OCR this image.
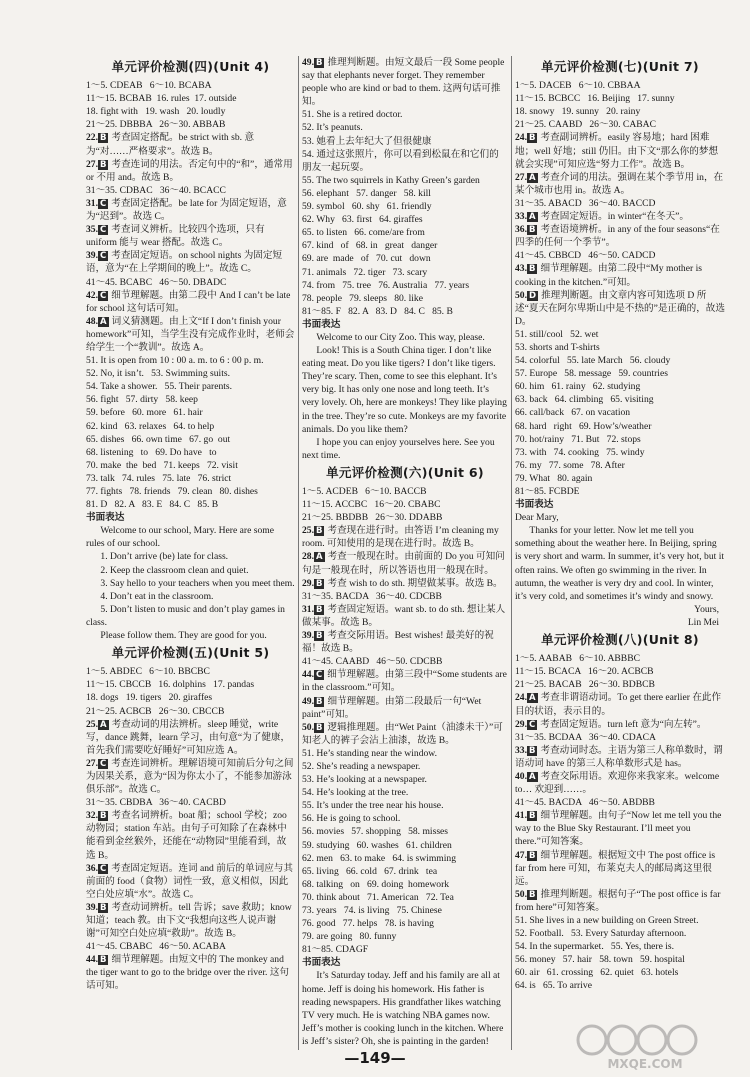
单元评价检测(四)(Unit 4)
1～5. CDEAB   6～10. BCABA
11～15. BCBAB  16. rules  17. outside
18. fight with   19. wash   20. loudly
21～25. DBBBA   26～30. ABBAB
22. B 考查固定搭配。be strict with sb. 意为“对……严格要求”。故选 B。
27. B 考查连词的用法。否定句中的“和”，通常用 or 不用 and。故选 B。
31～35. CDBAC   36～40. BCACC
31. C 考查固定搭配。be late for 为固定短语，意为“迟到”。故选 C。
35. C 考查词义辨析。比较四个选项，只有 uniform 能与 wear 搭配。故选 C。
39. C 考查固定短语。on school nights 为固定短语，意为“在上学期间的晚上”。故选 C。
41～45. BCABC   46～50. DBADC
42. C 细节理解题。由第二段中 And I can’t be late for school 这句话可知。
48. A 词义猜测题。由上文“If I don’t finish your homework”可知，当学生没有完成作业时，老师会给学生一个“教训”。故选 A。
51. It is open from 10 : 00 a. m. to 6 : 00 p. m.
52. No, it isn’t.   53. Swimming suits.
54. Take a shower.   55. Their parents.
56. fight   57. dirty   58. keep
59. before   60. more   61. hair
62. kind   63. relaxes   64. to help
65. dishes   66. own time   67. go  out
68. listening   to   69. Do have   to
70. make  the  bed   71. keeps   72. visit
73. talk   74. rules   75. late   76. strict
77. fights   78. friends   79. clean   80. dishes
81. D   82. A   83. E   84. C   85. B
书面表达
Welcome to our school, Mary. Here are some rules of our school.
1. Don’t arrive (be) late for class.
2. Keep the classroom clean and quiet.
3. Say hello to your teachers when you meet them.
4. Don’t eat in the classroom.
5. Don’t listen to music and don’t play games in class.
Please follow them. They are good for you.
单元评价检测(五)(Unit 5)
1～5. ABDEC   6～10. BBCBC
11～15. CBCCB   16. dolphins   17. pandas
18. dogs   19. tigers   20. giraffes
21～25. ACBCB   26～30. CBCCB
25. A 考查动词的用法辨析。sleep 睡觉，write 写，dance 跳舞，learn 学习，由句意“为了健康，首先我们需要吃好睡好”可知应选 A。
27. C 考查连词辨析。理解语境可知前后分句之间为因果关系，意为“因为你太小了，不能参加游泳俱乐部”。故选 C。
31～35. CBDBA   36～40. CACBD
32. B 考查名词辨析。boat 船；school 学校；zoo 动物园；station 车站。由句子可知除了在森林中能看到金丝猴外，还能在“动物园”里能看到，故选 B。
36. C 考查固定短语。连词 and 前后的单词应与其前面的 food（食物）词性一致，意义相似，因此空白处应填“水”。故选 C。
39. B 考查动词辨析。tell 告诉；save 救助；know 知道；teach 教。由下文“我想向这些人说声谢谢”可知空白处应填“救助”。故选 B。
41～45. CBABC   46～50. ACABA
44. B 细节理解题。由短文中的 The monkey and the tiger want to go to the bridge over the river. 这句话可知。
49. B 推理判断题。由短文最后一段 Some people say that elephants never forget. They remember people who are kind or bad to them. 这两句话可推知。
51. She is a retired doctor.
52. It’s peanuts.
53. 她看上去年纪大了但很健康
54. 通过这张照片，你可以看到松鼠在和它们的朋友一起玩耍。
55. The two squirrels in Kathy Green’s garden
56. elephant   57. danger   58. kill
59. symbol   60. shy   61. friendly
62. Why   63. first   64. giraffes
65. to listen   66. come/are from
67. kind   of   68. in   great   danger
69. are  made   of   70. cut   down
71. animals   72. tiger   73. scary
74. from   75. tree   76. Australia   77. years
78. people   79. sleeps   80. like
81～85. F   82. A   83. D   84. C   85. B
书面表达
Welcome to our City Zoo. This way, please.
Look! This is a South China tiger. I don’t like eating meat. Do you like tigers? I don’t like tigers. They’re scary. Then, come to see this elephant. It’s very big. It has only one nose and long teeth. It’s very lovely. Oh, here are monkeys! They like playing in the tree. They’re so cute. Monkeys are my favorite animals. Do you like them?
I hope you can enjoy yourselves here. See you next time.
单元评价检测(六)(Unit 6)
1～5. ACDEB   6～10. BACCB
11～15. ACCBC   16～20. CBABC
21～25. BBDBB   26～30. DDABB
25. B 考查现在进行时。由答语 I’m cleaning my room. 可知使用的是现在进行时。故选 B。
28. A 考查一般现在时。由前面的 Do you 可知问句是一般现在时，所以答语也用一般现在时。
29. B 考查 wish to do sth. 期望做某事。故选 B。
31～35. BACDA   36～40. CDCBB
31. B 考查固定短语。want sb. to do sth. 想让某人做某事。故选 B。
39. B 考查交际用语。Best wishes! 最美好的祝福！故选 B。
41～45. CAABD   46～50. CDCBB
44. C 细节理解题。由第三段中“Some students are in the classroom.”可知。
49. B 细节理解题。由第二段最后一句“Wet paint”可知。
50. B 逻辑推理题。由“Wet Paint（油漆未干）”可知老人的裤子会沾上油漆，故选 B。
51. He’s standing near the window.
52. She’s reading a newspaper.
53. He’s looking at a newspaper.
54. He’s looking at the tree.
55. It’s under the tree near his house.
56. He is going to school.
56. movies   57. shopping   58. misses
59. studying   60. washes   61. children
62. men   63. to make   64. is swimming
65. living   66. cold   67. drink   tea
68. talking   on   69. doing  homework
70. think about   71. American   72. Tea
73. years   74. is living   75. Chinese
76. good   77. helps   78. is having
79. are going   80. funny
81～85. CDAGF
书面表达
It’s Saturday today. Jeff and his family are all at home. Jeff is doing his homework. His father is reading newspapers. His grandfather likes watching TV very much. He is watching NBA games now. Jeff’s mother is cooking lunch in the kitchen. Where is Jeff’s sister? Oh, she is painting in the garden!
单元评价检测(七)(Unit 7)
1～5. DACEB   6～10. CBBAA
11～15. BCBCC   16. Beijing   17. sunny
18. snowy   19. sunny   20. rainy
21～25. CAABD   26～30. CABAC
24. B 考查副词辨析。easily 容易地；hard 困难地；well 好地；still 仍旧。由下文“那么你的梦想就会实现”可知应选“努力工作”。故选 B。
27. A 考查介词的用法。强调在某个季节用 in，在某个城市也用 in。故选 A。
31～35. ABACD   36～40. BACCD
33. A 考查固定短语。in winter“在冬天”。
36. B 考查语境辨析。in any of the four seasons“在四季的任何一个季节”。
41～45. CBBCD   46～50. CADCD
43. B 细节理解题。由第二段中“My mother is cooking in the kitchen.”可知。
50. D 推理判断题。由文章内容可知选项 D 所述“夏天在阿尔卑斯山中是不热的”是正确的，故选 D。
51. still/cool   52. wet
53. shorts and T-shirts
54. colorful   55. late March   56. cloudy
57. Europe   58. message   59. countries
60. him   61. rainy   62. studying
63. back   64. climbing   65. visiting
66. call/back   67. on vacation
68. hard   right   69. How’s/weather
70. hot/rainy   71. But   72. stops
73. with   74. cooking   75. windy
76. my   77. some   78. After
79. What   80. again
81～85. FCBDE
书面表达
Dear Mary,
Thanks for your letter. Now let me tell you something about the weather here. In Beijing, spring is very short and warm. In summer, it’s very hot, but it often rains. We often go swimming in the river. In autumn, the weather is very dry and cool. In winter, it’s very cold, and sometimes it’s windy and snowy.
Yours,
Lin Mei
单元评价检测(八)(Unit 8)
1～5. AABAB   6～10. ABBBC
11～15. BCACA   16～20. ACBCB
21～25. BACAB   26～30. BDBCB
24. A 考查非谓语动词。To get there earlier 在此作目的状语，表示目的。
29. C 考查固定短语。turn left 意为“向左转”。
31～35. BCDAA   36～40. CDACA
33. B 考查动词时态。主语为第三人称单数时，谓语动词 have 的第三人称单数形式是 has。
40. A 考查交际用语。欢迎你来我家来。welcome to… 欢迎到……。
41～45. BACDA   46～50. ABDBB
41. B 细节理解题。由句子“Now let me tell you the way to the Blue Sky Restaurant. I’ll meet you there.”可知答案。
47. B 细节理解题。根据短文中 The post office is far from here 可知，布莱克夫人的邮局离这里很远。
50. B 推理判断题。根据句子“The post office is far from here”可知答案。
51. She lives in a new building on Green Street.
52. Football.   53. Every Saturday afternoon.
54. In the supermarket.   55. Yes, there is.
56. money   57. hair   58. town   59. hospital
60. air   61. crossing   62. quiet   63. hotels
64. is   65. To arrive
MXQE.COM
—149—
